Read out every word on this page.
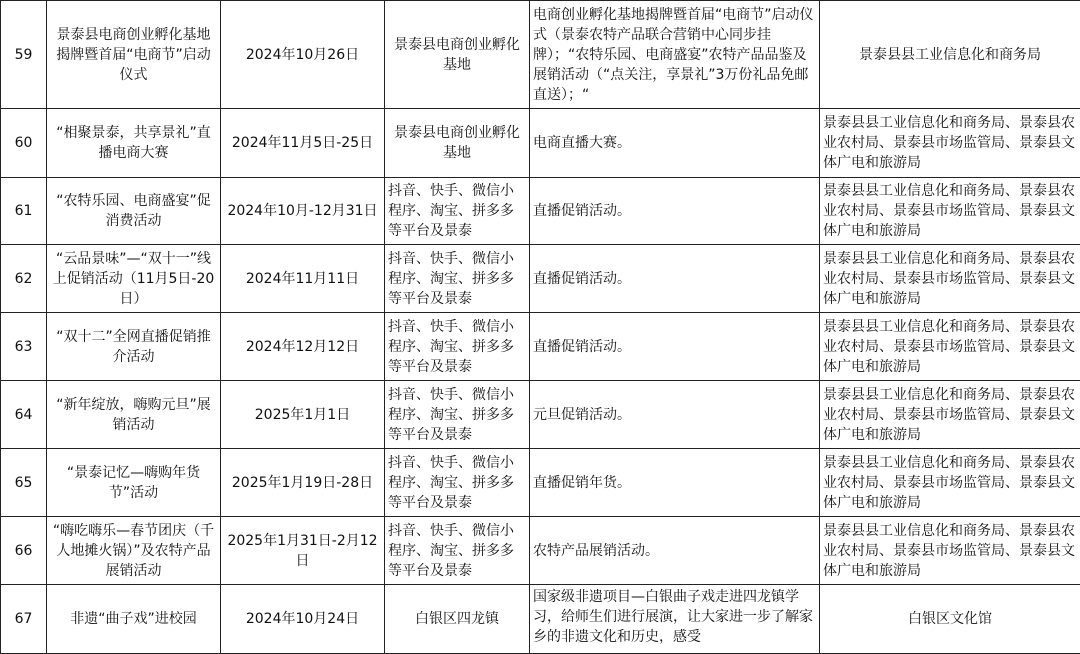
59	景泰县电商创业孵化基地揭牌暨首届“电商节”启动仪式	2024年10月26日	景泰县电商创业孵化基地	电商创业孵化基地揭牌暨首届“电商节”启动仪式（景泰农特产品联合营销中心同步挂牌）；“农特乐园、电商盛宴”农特产品品鉴及展销活动（“点关注，享景礼”3万份礼品免邮直送）；“	景泰县县工业信息化和商务局
60	“相聚景泰，共享景礼”直播电商大赛	2024年11月5日-25日	景泰县电商创业孵化基地	电商直播大赛。	景泰县县工业信息化和商务局、景泰县农业农村局、景泰县市场监管局、景泰县文体广电和旅游局
61	“农特乐园、电商盛宴”促消费活动	2024年10月-12月31日	抖音、快手、微信小程序、淘宝、拼多多等平台及景泰	直播促销活动。	景泰县县工业信息化和商务局、景泰县农业农村局、景泰县市场监管局、景泰县文体广电和旅游局
62	“云品景味”—“双十一”线上促销活动（11月5日-20日）	2024年11月11日	抖音、快手、微信小程序、淘宝、拼多多等平台及景泰	直播促销活动。	景泰县县工业信息化和商务局、景泰县农业农村局、景泰县市场监管局、景泰县文体广电和旅游局
63	“双十二”全网直播促销推介活动	2024年12月12日	抖音、快手、微信小程序、淘宝、拼多多等平台及景泰	直播促销活动。	景泰县县工业信息化和商务局、景泰县农业农村局、景泰县市场监管局、景泰县文体广电和旅游局
64	“新年绽放，嗨购元旦”展销活动	2025年1月1日	抖音、快手、微信小程序、淘宝、拼多多等平台及景泰	元旦促销活动。	景泰县县工业信息化和商务局、景泰县农业农村局、景泰县市场监管局、景泰县文体广电和旅游局
65	“景泰记忆—嗨购年货节”活动	2025年1月19日-28日	抖音、快手、微信小程序、淘宝、拼多多等平台及景泰	直播促销年货。	景泰县县工业信息化和商务局、景泰县农业农村局、景泰县市场监管局、景泰县文体广电和旅游局
66	“嗨吃嗨乐—春节团庆（千人地摊火锅）”及农特产品展销活动	2025年1月31日-2月12日	抖音、快手、微信小程序、淘宝、拼多多等平台及景泰	农特产品展销活动。	景泰县县工业信息化和商务局、景泰县农业农村局、景泰县市场监管局、景泰县文体广电和旅游局
67	非遗“曲子戏”进校园	2024年10月24日	白银区四龙镇	国家级非遗项目—白银曲子戏走进四龙镇学习，给师生们进行展演，让大家进一步了解家乡的非遗文化和历史，感受	白银区文化馆
